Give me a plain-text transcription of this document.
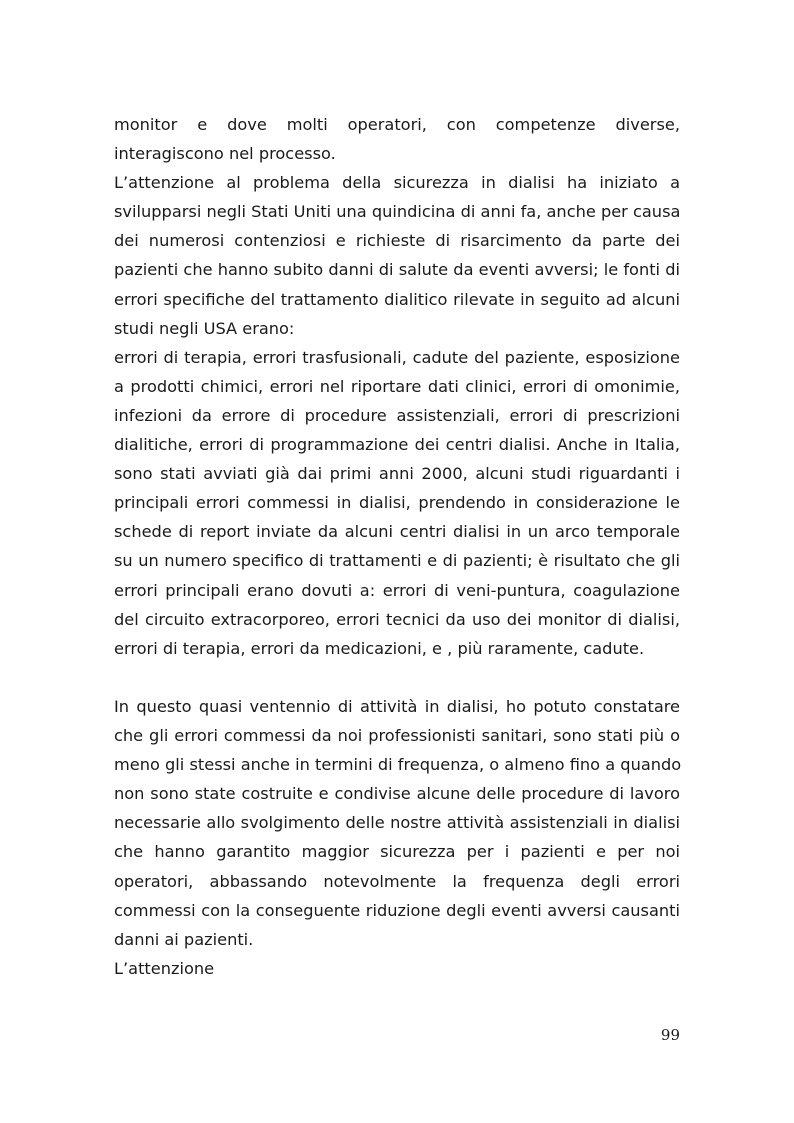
monitor e dove molti operatori, con competenze diverse,
interagiscono nel processo.
L’attenzione al problema della sicurezza in dialisi ha iniziato a
svilupparsi negli Stati Uniti una quindicina di anni fa, anche per causa
dei numerosi contenziosi e richieste di risarcimento da parte dei
pazienti che hanno subito danni di salute da eventi avversi; le fonti di
errori specifiche del trattamento dialitico rilevate in seguito ad alcuni
studi negli USA erano:
errori di terapia, errori trasfusionali, cadute del paziente, esposizione
a prodotti chimici, errori nel riportare dati clinici, errori di omonimie,
infezioni da errore di procedure assistenziali, errori di prescrizioni
dialitiche, errori di programmazione dei centri dialisi. Anche in Italia,
sono stati avviati già dai primi anni 2000, alcuni studi riguardanti i
principali errori commessi in dialisi, prendendo in considerazione le
schede di report inviate da alcuni centri dialisi in un arco temporale
su un numero specifico di trattamenti e di pazienti; è risultato che gli
errori principali erano dovuti a: errori di veni-puntura, coagulazione
del circuito extracorporeo, errori tecnici da uso dei monitor di dialisi,
errori di terapia, errori da medicazioni, e , più raramente, cadute.
In questo quasi ventennio di attività in dialisi, ho potuto constatare
che gli errori commessi da noi professionisti sanitari, sono stati più o
meno gli stessi anche in termini di frequenza, o almeno fino a quando
non sono state costruite e condivise alcune delle procedure di lavoro
necessarie allo svolgimento delle nostre attività assistenziali in dialisi
che hanno garantito maggior sicurezza per i pazienti e per noi
operatori, abbassando notevolmente la frequenza degli errori
commessi con la conseguente riduzione degli eventi avversi causanti
danni ai pazienti.
L’attenzione
99
